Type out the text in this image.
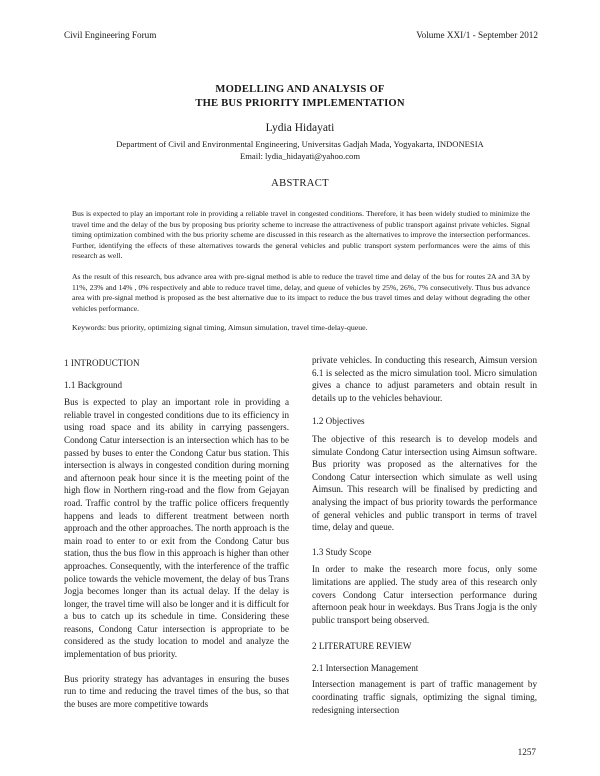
Civil Engineering Forum	Volume XXI/1 - September 2012
MODELLING AND ANALYSIS OF
THE BUS PRIORITY IMPLEMENTATION
Lydia Hidayati
Department of Civil and Environmental Engineering, Universitas Gadjah Mada, Yogyakarta, INDONESIA
Email: lydia_hidayati@yahoo.com
ABSTRACT

Bus is expected to play an important role in providing a reliable travel in congested conditions. Therefore, it has been widely studied to minimize the travel time and the delay of the bus by proposing bus priority scheme to increase the attractiveness of public transport against private vehicles. Signal timing optimization combined with the bus priority scheme are discussed in this research as the alternatives to improve the intersection performances. Further, identifying the effects of these alternatives towards the general vehicles and public transport system performances were the aims of this research as well.

As the result of this research, bus advance area with pre-signal method is able to reduce the travel time and delay of the bus for routes 2A and 3A by 11%, 23% and 14% , 0% respectively and able to reduce travel time, delay, and queue of vehicles by 25%, 26%, 7% consecutively. Thus bus advance area with pre-signal method is proposed as the best alternative due to its impact to reduce the bus travel times and delay without degrading the other vehicles performance.

Keywords: bus priority, optimizing signal timing, Aimsun simulation, travel time-delay-queue.

1 INTRODUCTION
1.1 Background

Bus is expected to play an important role in providing a reliable travel in congested conditions due to its efficiency in using road space and its ability in carrying passengers. Condong Catur intersection is an intersection which has to be passed by buses to enter the Condong Catur bus station. This intersection is always in congested condition during morning and afternoon peak hour since it is the meeting point of the high flow in Northern ring-road and the flow from Gejayan road. Traffic control by the traffic police officers frequently happens and leads to different treatment between north approach and the other approaches. The north approach is the main road to enter to or exit from the Condong Catur bus station, thus the bus flow in this approach is higher than other approaches. Consequently, with the interference of the traffic police towards the vehicle movement, the delay of bus Trans Jogja becomes longer than its actual delay. If the delay is longer, the travel time will also be longer and it is difficult for a bus to catch up its schedule in time. Considering these reasons, Condong Catur intersection is appropriate to be considered as the study location to model and analyze the implementation of bus priority.

Bus priority strategy has advantages in ensuring the buses run to time and reducing the travel times of the bus, so that the buses are more competitive towards

private vehicles. In conducting this research, Aimsun version 6.1 is selected as the micro simulation tool. Micro simulation gives a chance to adjust parameters and obtain result in details up to the vehicles behaviour.

1.2 Objectives

The objective of this research is to develop models and simulate Condong Catur intersection using Aimsun software. Bus priority was proposed as the alternatives for the Condong Catur intersection which simulate as well using Aimsun. This research will be finalised by predicting and analysing the impact of bus priority towards the performance of general vehicles and public transport in terms of travel time, delay and queue.

1.3 Study Scope

In order to make the research more focus, only some limitations are applied. The study area of this research only covers Condong Catur intersection performance during afternoon peak hour in weekdays. Bus Trans Jogja is the only public transport being observed.

2 LITERATURE REVIEW
2.1 Intersection Management

Intersection management is part of traffic management by coordinating traffic signals, optimizing the signal timing, redesigning intersection

1257
